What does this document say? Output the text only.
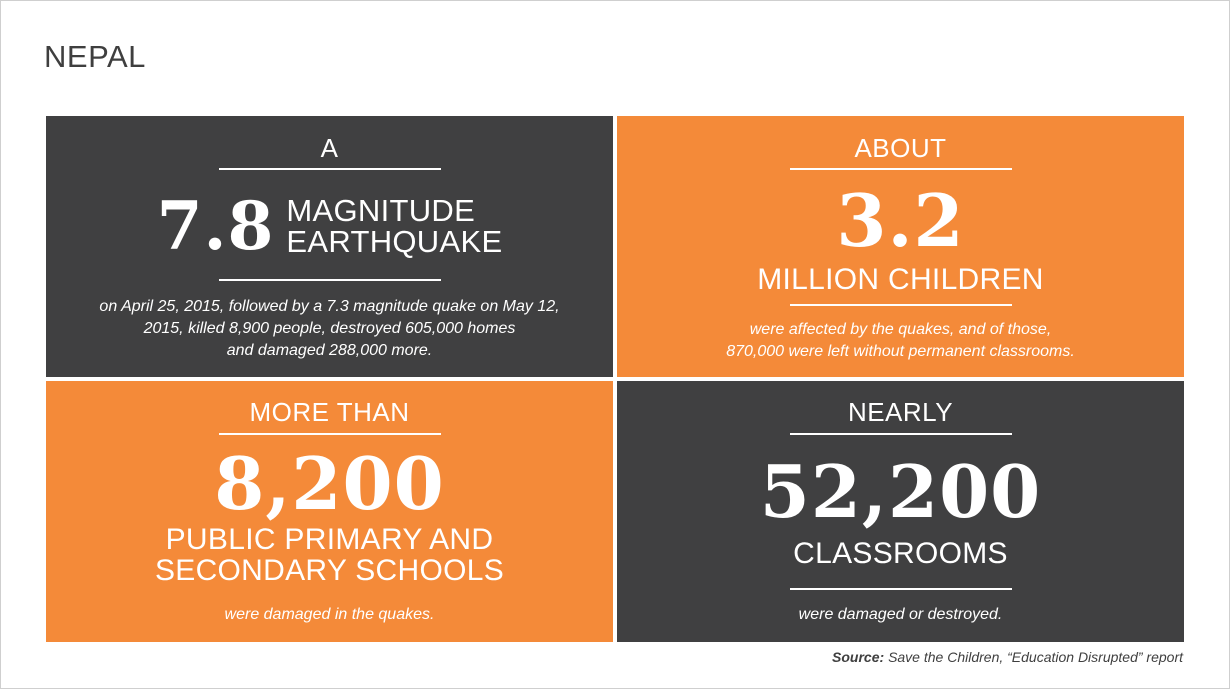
NEPAL
A
7.8 MAGNITUDE
EARTHQUAKE
on April 25, 2015, followed by a 7.3 magnitude quake on May 12,
2015, killed 8,900 people, destroyed 605,000 homes
and damaged 288,000 more.
ABOUT
3.2
MILLION CHILDREN
were affected by the quakes, and of those,
870,000 were left without permanent classrooms.
MORE THAN
8,200
PUBLIC PRIMARY AND
SECONDARY SCHOOLS
were damaged in the quakes.
NEARLY
52,200
CLASSROOMS
were damaged or destroyed.
Source: Save the Children, “Education Disrupted” report
